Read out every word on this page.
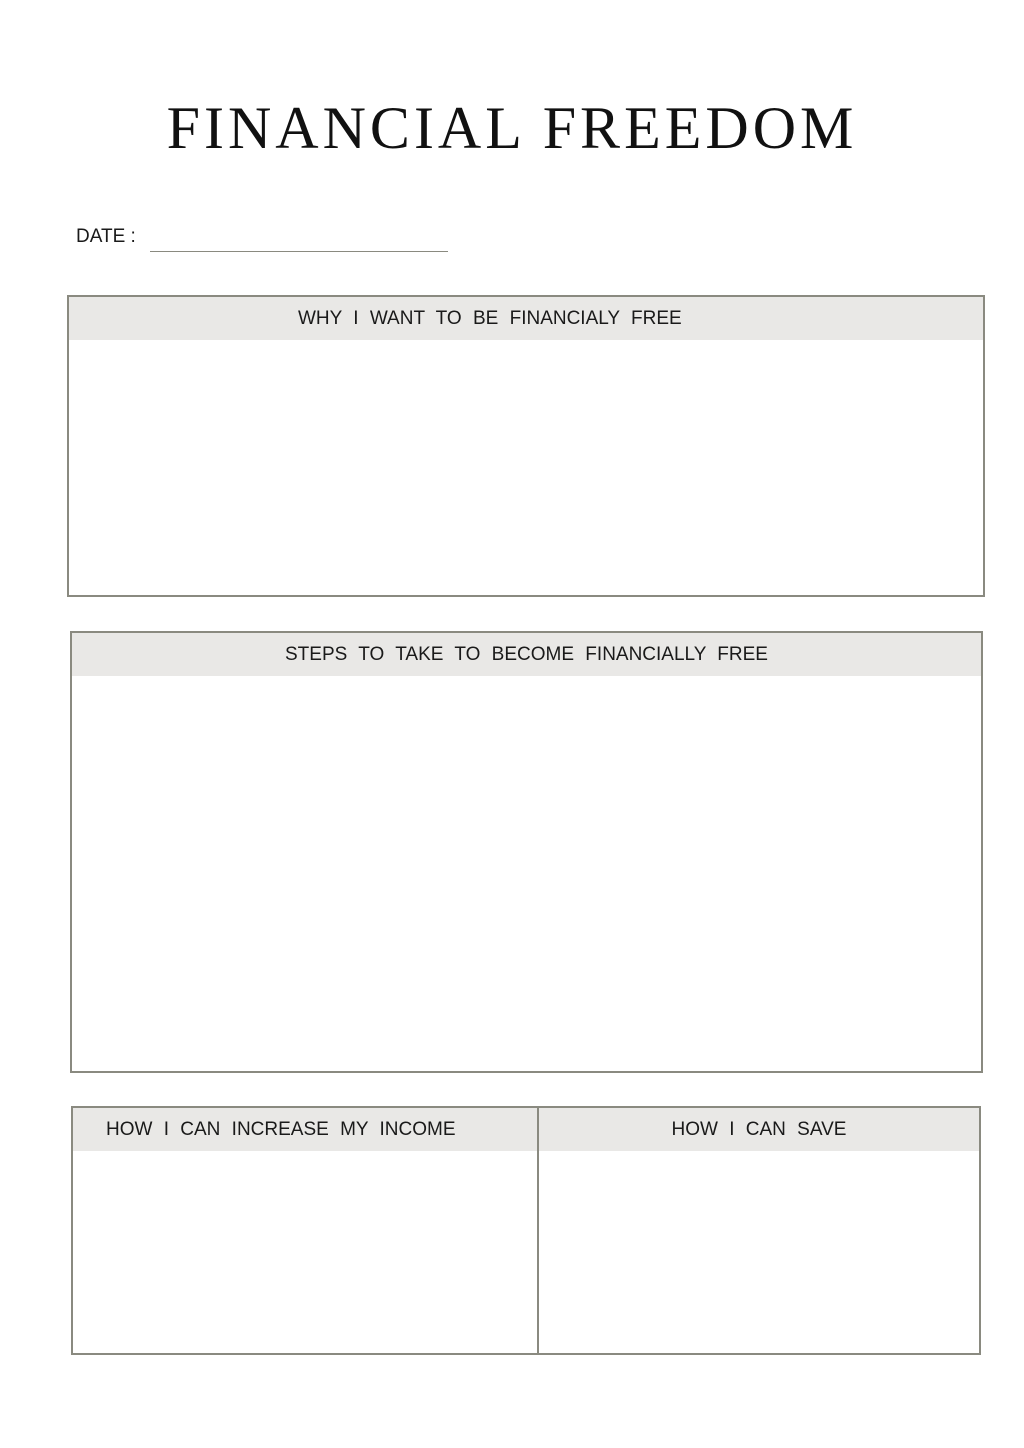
FINANCIAL FREEDOM
DATE :
WHY I WANT TO BE FINANCIALY FREE
STEPS TO TAKE TO BECOME FINANCIALLY FREE
HOW I CAN INCREASE MY INCOME	HOW I CAN SAVE
